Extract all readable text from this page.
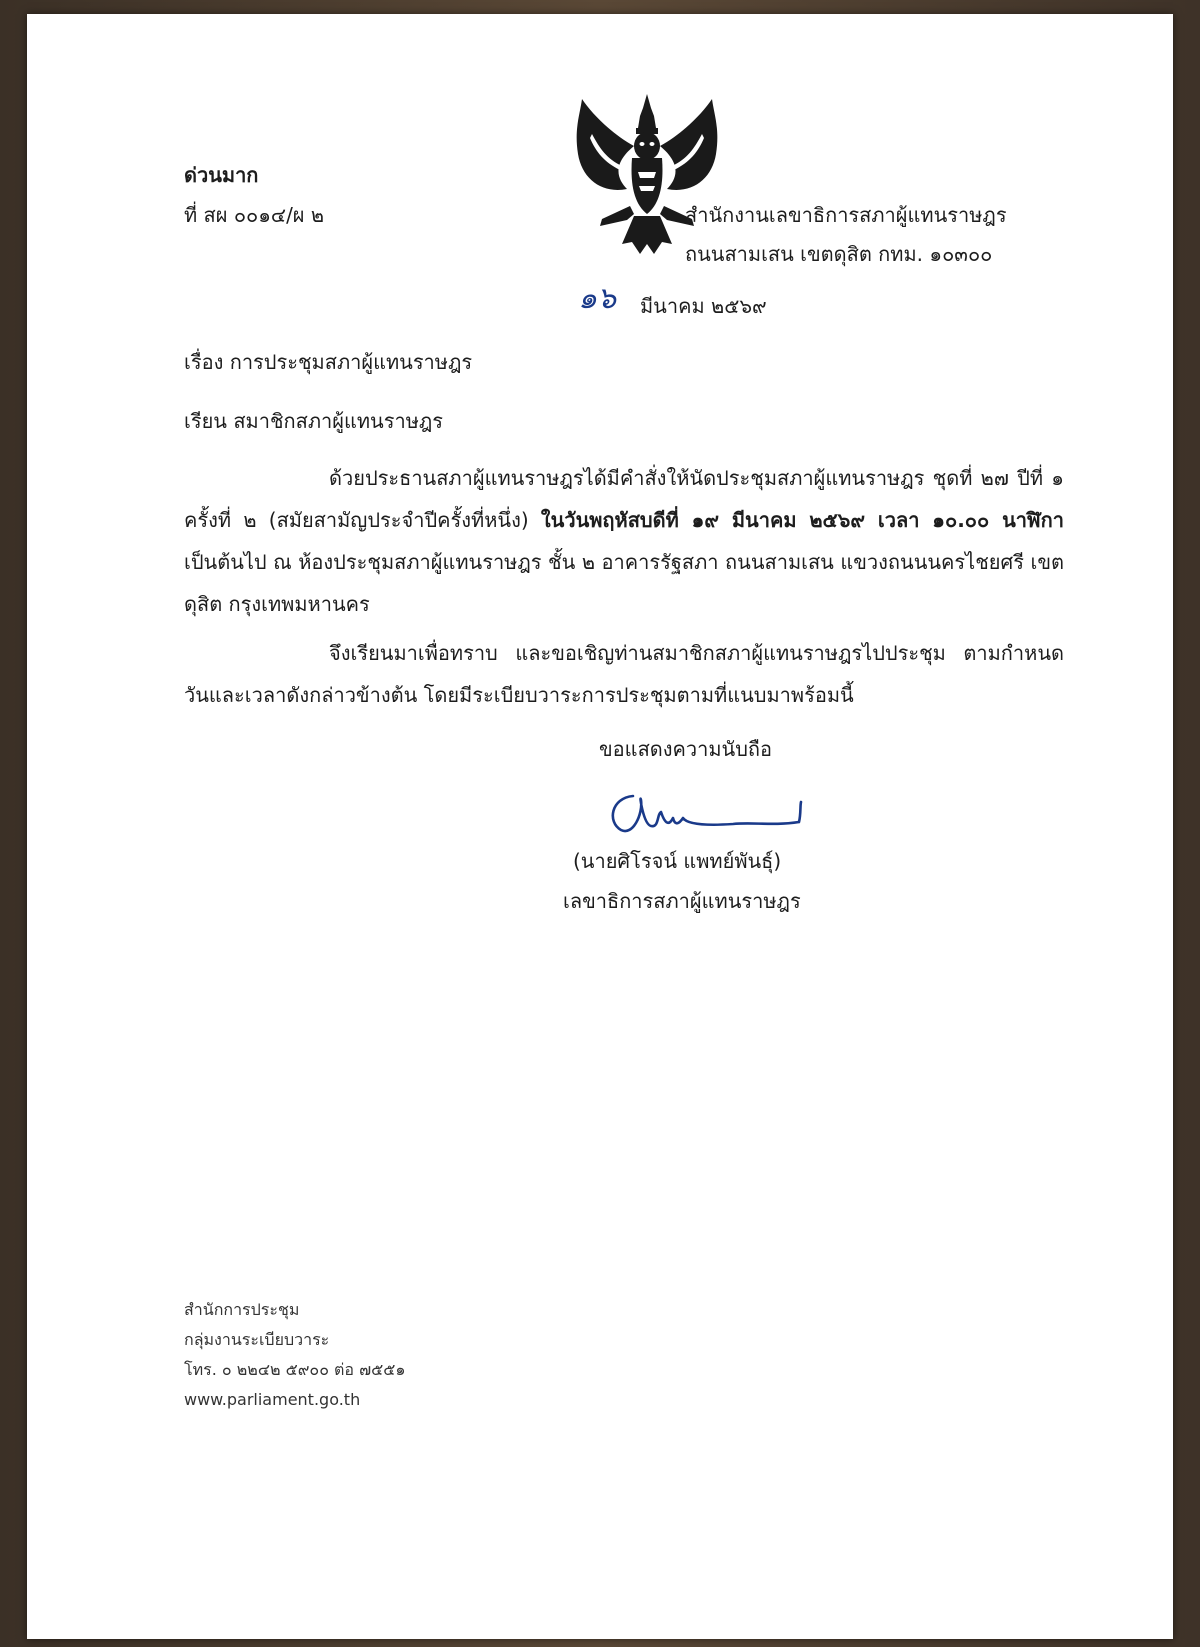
ด่วนมาก
ที่ สผ ๐๐๑๔/ผ ๒	สำนักงานเลขาธิการสภาผู้แทนราษฎร
ถนนสามเสน เขตดุสิต กทม. ๑๐๓๐๐
๑๖ มีนาคม ๒๕๖๙
เรื่อง การประชุมสภาผู้แทนราษฎร
เรียน สมาชิกสภาผู้แทนราษฎร
ด้วยประธานสภาผู้แทนราษฎรได้มีคำสั่งให้นัดประชุมสภาผู้แทนราษฎร ชุดที่ ๒๗ ปีที่ ๑ ครั้งที่ ๒ (สมัยสามัญประจำปีครั้งที่หนึ่ง) ในวันพฤหัสบดีที่ ๑๙ มีนาคม ๒๕๖๙ เวลา ๑๐.๐๐ นาฬิกา เป็นต้นไป ณ ห้องประชุมสภาผู้แทนราษฎร ชั้น ๒ อาคารรัฐสภา ถนนสามเสน แขวงถนนนครไชยศรี เขตดุสิต กรุงเทพมหานคร
จึงเรียนมาเพื่อทราบ และขอเชิญท่านสมาชิกสภาผู้แทนราษฎรไปประชุม ตามกำหนดวันและเวลาดังกล่าวข้างต้น โดยมีระเบียบวาระการประชุมตามที่แนบมาพร้อมนี้
ขอแสดงความนับถือ
(นายศิโรจน์ แพทย์พันธุ์)
เลขาธิการสภาผู้แทนราษฎร
สำนักการประชุม
กลุ่มงานระเบียบวาระ
โทร. ๐ ๒๒๔๒ ๕๙๐๐ ต่อ ๗๕๕๑
www.parliament.go.th
